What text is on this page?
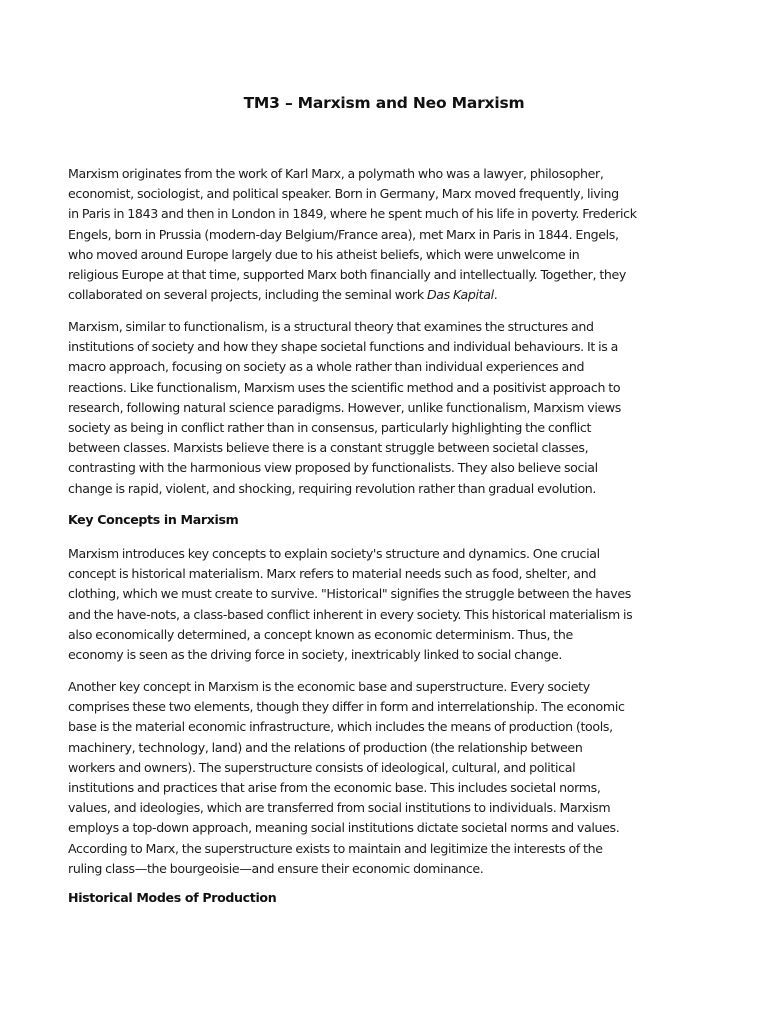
TM3 – Marxism and Neo Marxism

Marxism originates from the work of Karl Marx, a polymath who was a lawyer, philosopher,
economist, sociologist, and political speaker. Born in Germany, Marx moved frequently, living
in Paris in 1843 and then in London in 1849, where he spent much of his life in poverty. Frederick
Engels, born in Prussia (modern-day Belgium/France area), met Marx in Paris in 1844. Engels,
who moved around Europe largely due to his atheist beliefs, which were unwelcome in
religious Europe at that time, supported Marx both financially and intellectually. Together, they
collaborated on several projects, including the seminal work Das Kapital.

Marxism, similar to functionalism, is a structural theory that examines the structures and
institutions of society and how they shape societal functions and individual behaviours. It is a
macro approach, focusing on society as a whole rather than individual experiences and
reactions. Like functionalism, Marxism uses the scientific method and a positivist approach to
research, following natural science paradigms. However, unlike functionalism, Marxism views
society as being in conflict rather than in consensus, particularly highlighting the conflict
between classes. Marxists believe there is a constant struggle between societal classes,
contrasting with the harmonious view proposed by functionalists. They also believe social
change is rapid, violent, and shocking, requiring revolution rather than gradual evolution.

Key Concepts in Marxism

Marxism introduces key concepts to explain society's structure and dynamics. One crucial
concept is historical materialism. Marx refers to material needs such as food, shelter, and
clothing, which we must create to survive. "Historical" signifies the struggle between the haves
and the have-nots, a class-based conflict inherent in every society. This historical materialism is
also economically determined, a concept known as economic determinism. Thus, the
economy is seen as the driving force in society, inextricably linked to social change.

Another key concept in Marxism is the economic base and superstructure. Every society
comprises these two elements, though they differ in form and interrelationship. The economic
base is the material economic infrastructure, which includes the means of production (tools,
machinery, technology, land) and the relations of production (the relationship between
workers and owners). The superstructure consists of ideological, cultural, and political
institutions and practices that arise from the economic base. This includes societal norms,
values, and ideologies, which are transferred from social institutions to individuals. Marxism
employs a top-down approach, meaning social institutions dictate societal norms and values.
According to Marx, the superstructure exists to maintain and legitimize the interests of the
ruling class—the bourgeoisie—and ensure their economic dominance.

Historical Modes of Production
